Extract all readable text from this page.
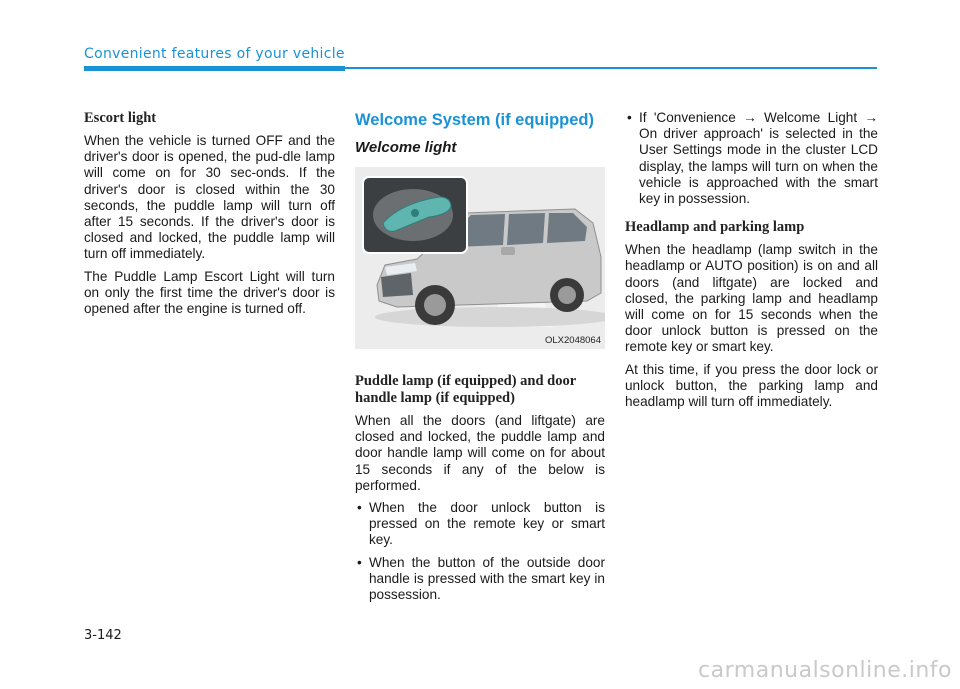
Convenient features of your vehicle
Escort light

When the vehicle is turned OFF and the driver's door is opened, the pud-dle lamp will come on for 30 sec-onds. If the driver's door is closed within the 30 seconds, the puddle lamp will turn off after 15 seconds. If the driver's door is closed and locked, the puddle lamp will turn off immediately.

The Puddle Lamp Escort Light will turn on only the first time the driver's door is opened after the engine is turned off.

Welcome System (if equipped)
Welcome light
OLX2048064
Puddle lamp (if equipped) and door handle lamp (if equipped)

When all the doors (and liftgate) are closed and locked, the puddle lamp and door handle lamp will come on for about 15 seconds if any of the below is performed.

• When the door unlock button is pressed on the remote key or smart key.
• When the button of the outside door handle is pressed with the smart key in possession.
• If 'Convenience → Welcome Light → On driver approach' is selected in the User Settings mode in the cluster LCD display, the lamps will turn on when the vehicle is approached with the smart key in possession.
Headlamp and parking lamp

When the headlamp (lamp switch in the headlamp or AUTO position) is on and all doors (and liftgate) are locked and closed, the parking lamp and headlamp will come on for 15 seconds when the door unlock button is pressed on the remote key or smart key.

At this time, if you press the door lock or unlock button, the parking lamp and headlamp will turn off immediately.

3-142
carmanualsonline.info
